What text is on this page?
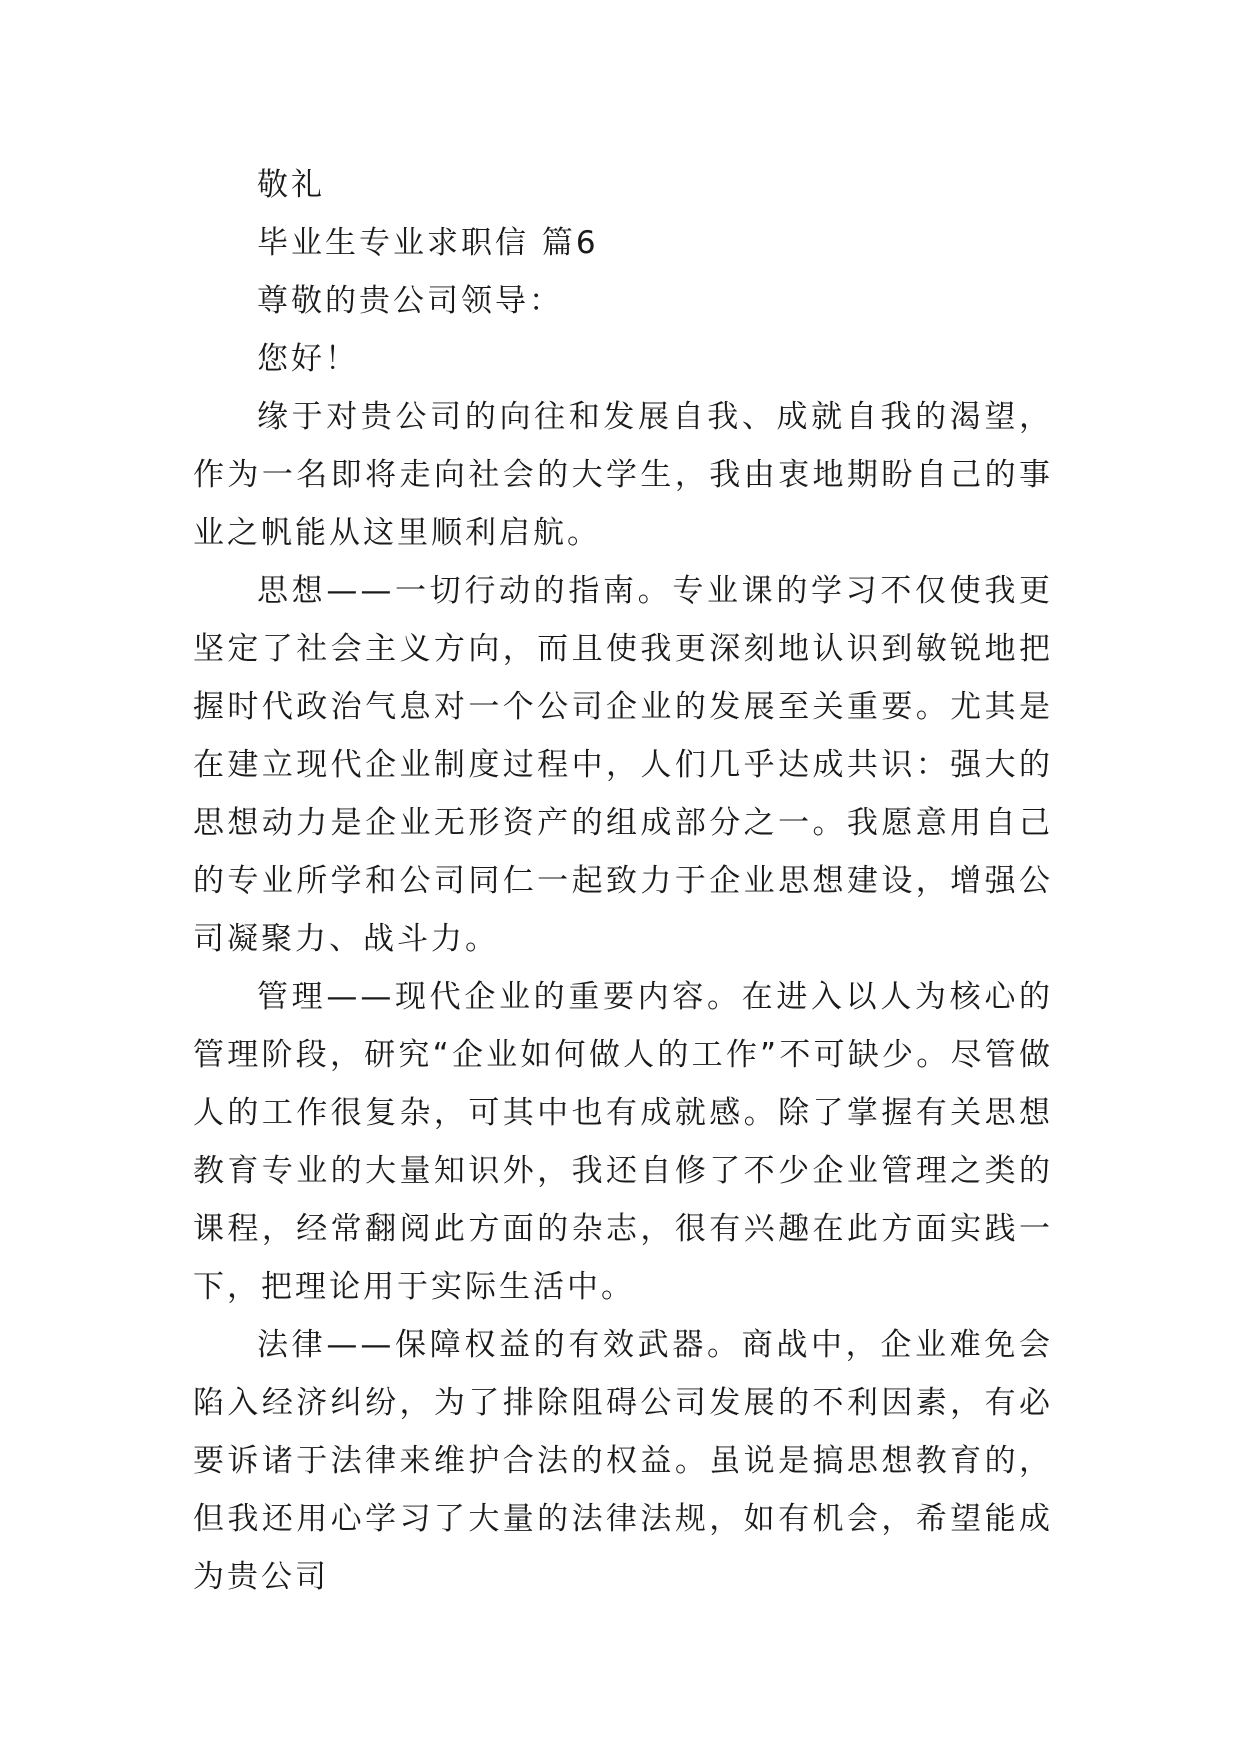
敬礼

毕业生专业求职信 篇6

尊敬的贵公司领导：

您好！

缘于对贵公司的向往和发展自我、成就自我的渴望，作为一名即将走向社会的大学生，我由衷地期盼自己的事业之帆能从这里顺利启航。

思想——一切行动的指南。专业课的学习不仅使我更坚定了社会主义方向，而且使我更深刻地认识到敏锐地把握时代政治气息对一个公司企业的发展至关重要。尤其是在建立现代企业制度过程中，人们几乎达成共识：强大的思想动力是企业无形资产的组成部分之一。我愿意用自己的专业所学和公司同仁一起致力于企业思想建设，增强公司凝聚力、战斗力。

管理——现代企业的重要内容。在进入以人为核心的管理阶段，研究“企业如何做人的工作”不可缺少。尽管做人的工作很复杂，可其中也有成就感。除了掌握有关思想教育专业的大量知识外，我还自修了不少企业管理之类的课程，经常翻阅此方面的杂志，很有兴趣在此方面实践一下，把理论用于实际生活中。

法律——保障权益的有效武器。商战中，企业难免会陷入经济纠纷，为了排除阻碍公司发展的不利因素，有必要诉诸于法律来维护合法的权益。虽说是搞思想教育的，但我还用心学习了大量的法律法规，如有机会，希望能成为贵公司
